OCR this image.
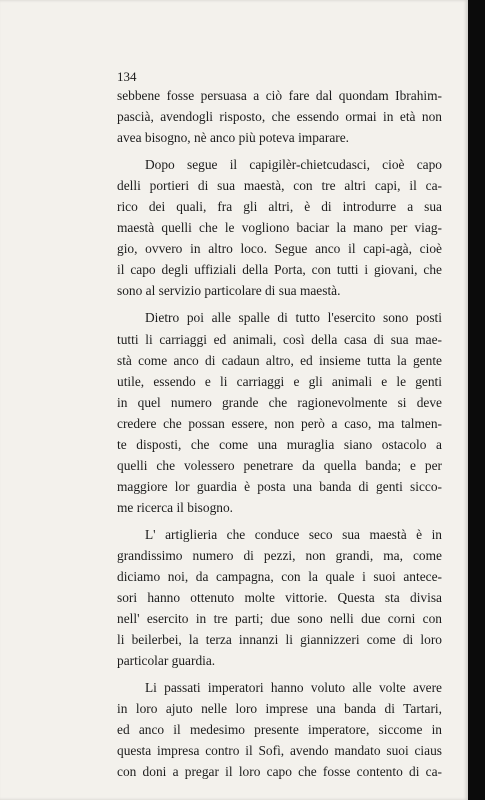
134
sebbene fosse persuasa a ciò fare dal quondam Ibrahim-
pascià, avendogli risposto, che essendo ormai in età non
avea bisogno, nè anco più poteva imparare.
Dopo segue il capigilèr-chietcudasci, cioè capo
delli portieri di sua maestà, con tre altri capi, il ca-
rico dei quali, fra gli altri, è di introdurre a sua
maestà quelli che le vogliono baciar la mano per viag-
gio, ovvero in altro loco. Segue anco il capi-agà, cioè
il capo degli uffiziali della Porta, con tutti i giovani, che
sono al servizio particolare di sua maestà.
Dietro poi alle spalle di tutto l'esercito sono posti
tutti li carriaggi ed animali, così della casa di sua mae-
stà come anco di cadaun altro, ed insieme tutta la gente
utile, essendo e li carriaggi e gli animali e le genti
in quel numero grande che ragionevolmente si deve
credere che possan essere, non però a caso, ma talmen-
te disposti, che come una muraglia siano ostacolo a
quelli che volessero penetrare da quella banda; e per
maggiore lor guardia è posta una banda di genti sicco-
me ricerca il bisogno.
L' artiglieria che conduce seco sua maestà è in
grandissimo numero di pezzi, non grandi, ma, come
diciamo noi, da campagna, con la quale i suoi antece-
sori hanno ottenuto molte vittorie. Questa sta divisa
nell' esercito in tre parti; due sono nelli due corni con
li beilerbei, la terza innanzi li giannizzeri come di loro
particolar guardia.
Li passati imperatori hanno voluto alle volte avere
in loro ajuto nelle loro imprese una banda di Tartari,
ed anco il medesimo presente imperatore, siccome in
questa impresa contro il Sofì, avendo mandato suoi ciaus
con doni a pregar il loro capo che fosse contento di ca-
